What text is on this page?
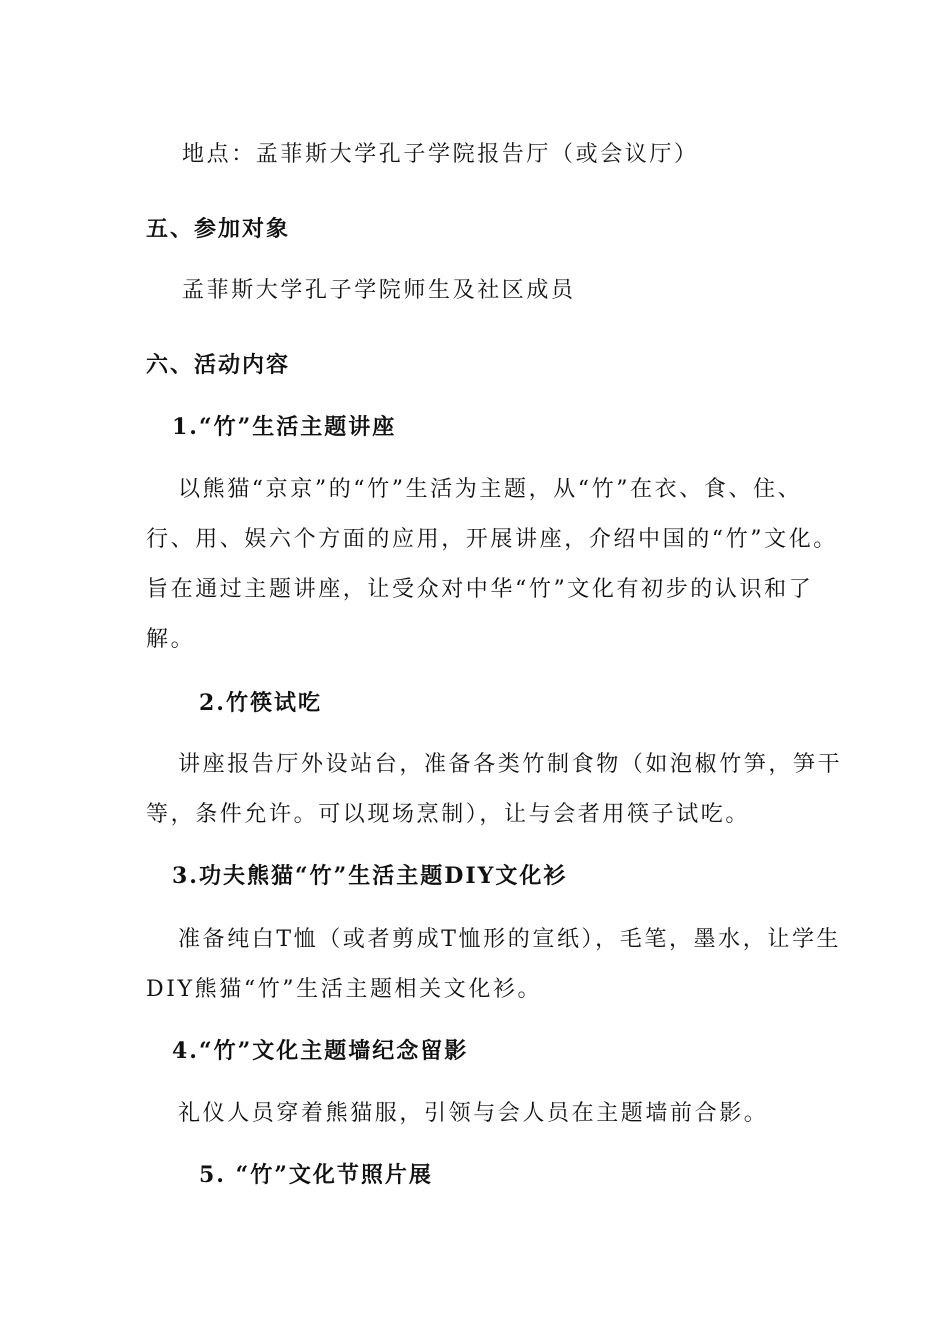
地点：孟菲斯大学孔子学院报告厅（或会议厅）
五、参加对象
孟菲斯大学孔子学院师生及社区成员
六、活动内容
1.“竹”生活主题讲座
以熊猫“京京”的“竹”生活为主题，从“竹”在衣、食、住、
行、用、娱六个方面的应用，开展讲座，介绍中国的“竹”文化。
旨在通过主题讲座，让受众对中华“竹”文化有初步的认识和了
解。
2.竹筷试吃
讲座报告厅外设站台，准备各类竹制食物（如泡椒竹笋，笋干
等，条件允许。可以现场烹制），让与会者用筷子试吃。
3.功夫熊猫“竹”生活主题DIY文化衫
准备纯白T恤（或者剪成T恤形的宣纸），毛笔，墨水，让学生
DIY熊猫“竹”生活主题相关文化衫。
4.“竹”文化主题墙纪念留影
礼仪人员穿着熊猫服，引领与会人员在主题墙前合影。
5. “竹”文化节照片展
